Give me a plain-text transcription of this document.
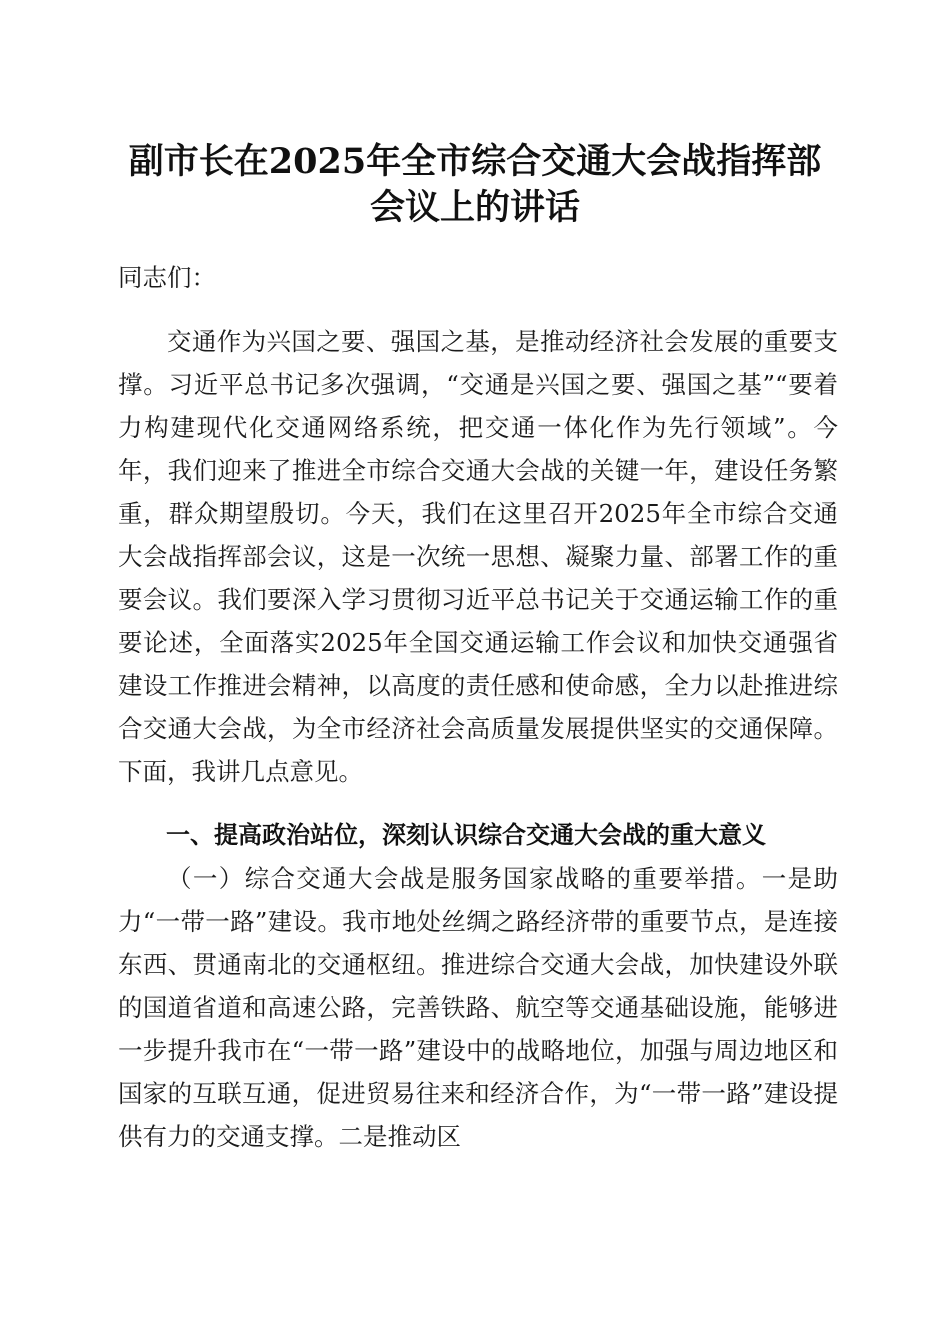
副市长在2025年全市综合交通大会战指挥部
会议上的讲话

同志们：

交通作为兴国之要、强国之基，是推动经济社会发展的重要支撑。习近平总书记多次强调，“交通是兴国之要、强国之基”“要着力构建现代化交通网络系统，把交通一体化作为先行领域”。今年，我们迎来了推进全市综合交通大会战的关键一年，建设任务繁重，群众期望殷切。今天，我们在这里召开2025年全市综合交通大会战指挥部会议，这是一次统一思想、凝聚力量、部署工作的重要会议。我们要深入学习贯彻习近平总书记关于交通运输工作的重要论述，全面落实2025年全国交通运输工作会议和加快交通强省建设工作推进会精神，以高度的责任感和使命感，全力以赴推进综合交通大会战，为全市经济社会高质量发展提供坚实的交通保障。下面，我讲几点意见。

一、提高政治站位，深刻认识综合交通大会战的重大意义

（一）综合交通大会战是服务国家战略的重要举措。一是助力“一带一路”建设。我市地处丝绸之路经济带的重要节点，是连接东西、贯通南北的交通枢纽。推进综合交通大会战，加快建设外联的国道省道和高速公路，完善铁路、航空等交通基础设施，能够进一步提升我市在“一带一路”建设中的战略地位，加强与周边地区和国家的互联互通，促进贸易往来和经济合作，为“一带一路”建设提供有力的交通支撑。二是推动区
